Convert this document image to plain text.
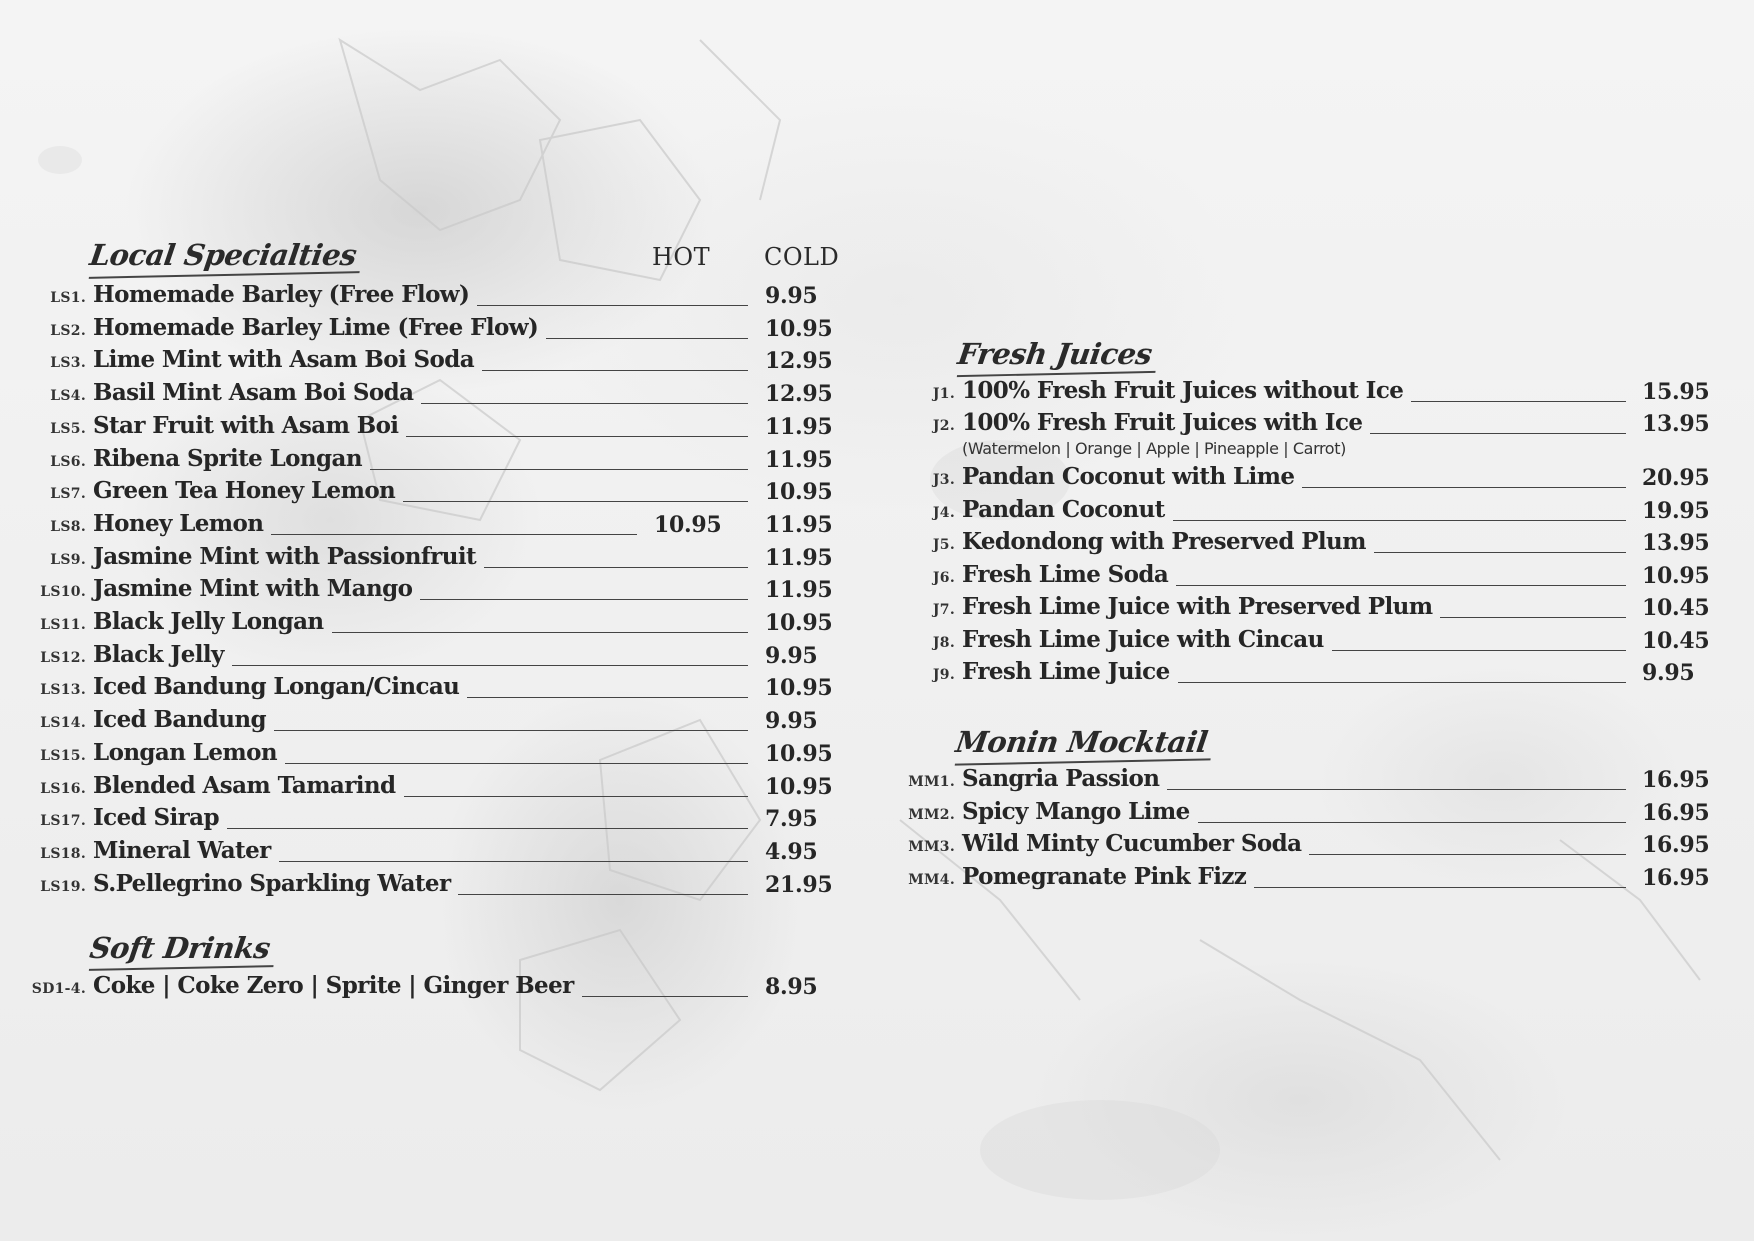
Local Specialties	HOT COLD
LS1. Homemade Barley (Free Flow)	9.95
LS2. Homemade Barley Lime (Free Flow)	10.95
LS3. Lime Mint with Asam Boi Soda	12.95
LS4. Basil Mint Asam Boi Soda	12.95
LS5. Star Fruit with Asam Boi	11.95
LS6. Ribena Sprite Longan	11.95
LS7. Green Tea Honey Lemon	10.95
LS8. Honey Lemon	10.95 11.95
LS9. Jasmine Mint with Passionfruit	11.95
LS10. Jasmine Mint with Mango	11.95
LS11. Black Jelly Longan	10.95
LS12. Black Jelly	9.95
LS13. Iced Bandung Longan/Cincau	10.95
LS14. Iced Bandung	9.95
LS15. Longan Lemon	10.95
LS16. Blended Asam Tamarind	10.95
LS17. Iced Sirap	7.95
LS18. Mineral Water	4.95
LS19. S.Pellegrino Sparkling Water	21.95
Soft Drinks
SD1-4. Coke | Coke Zero | Sprite | Ginger Beer	8.95
Fresh Juices
J1. 100% Fresh Fruit Juices without Ice	15.95
J2. 100% Fresh Fruit Juices with Ice	13.95
J3. Pandan Coconut with Lime	20.95
J4. Pandan Coconut	19.95
J5. Kedondong with Preserved Plum	13.95
J6. Fresh Lime Soda	10.95
J7. Fresh Lime Juice with Preserved Plum	10.45
J8. Fresh Lime Juice with Cincau	10.45
J9. Fresh Lime Juice	9.95
(Watermelon | Orange | Apple | Pineapple | Carrot)
Monin Mocktail
MM1. Sangria Passion	16.95
MM2. Spicy Mango Lime	16.95
MM3. Wild Minty Cucumber Soda	16.95
MM4. Pomegranate Pink Fizz	16.95
